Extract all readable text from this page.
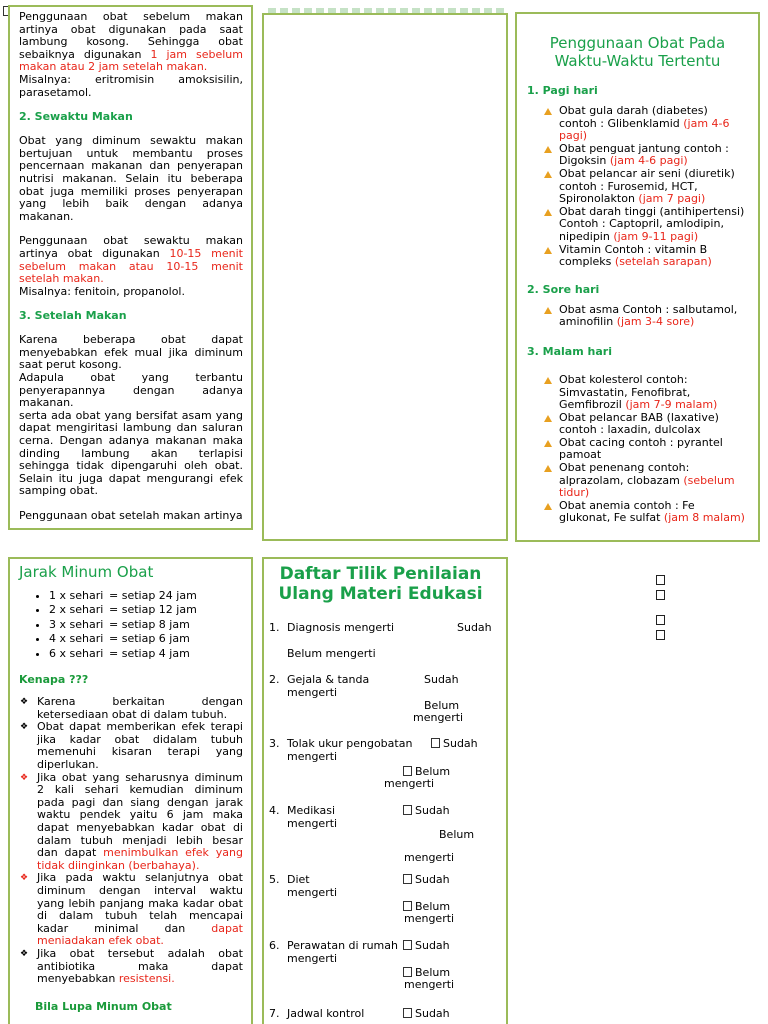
Penggunaan obat sebelum makan artinya obat digunakan pada saat lambung kosong. Sehingga obat sebaiknya digunakan 1 jam sebelum makan atau 2 jam setelah makan.
Misalnya: eritromisin amoksisilin, parasetamol.

2. Sewaktu Makan

Obat yang diminum sewaktu makan bertujuan untuk membantu proses pencernaan makanan dan penyerapan nutrisi makanan. Selain itu beberapa obat juga memiliki proses penyerapan yang lebih baik dengan adanya makanan.

Penggunaan obat sewaktu makan artinya obat digunakan 10-15 menit sebelum makan atau 10-15 menit setelah makan.
Misalnya: fenitoin, propanolol.

3. Setelah Makan

Karena beberapa obat dapat menyebabkan efek mual jika diminum saat perut kosong.

Adapula obat yang terbantu penyerapannya dengan adanya makanan.

serta ada obat yang bersifat asam yang dapat mengiritasi lambung dan saluran cerna. Dengan adanya makanan maka dinding lambung akan terlapisi sehingga tidak dipengaruhi oleh obat. Selain itu juga dapat mengurangi efek samping obat.

Penggunaan obat setelah makan artinya

Penggunaan Obat Pada Waktu-Waktu Tertentu
1. Pagi hari
Obat gula darah (diabetes) contoh : Glibenklamid (jam 4-6 pagi)
Obat penguat jantung contoh : Digoksin (jam 4-6 pagi)
Obat pelancar air seni (diuretik) contoh : Furosemid, HCT, Spironolakton (jam 7 pagi)
Obat darah tinggi (antihipertensi) Contoh : Captopril, amlodipin, nipedipin (jam 9-11 pagi)
Vitamin Contoh : vitamin B compleks (setelah sarapan)
2. Sore hari
Obat asma Contoh : salbutamol, aminofilin (jam 3-4 sore)
3. Malam hari
Obat kolesterol contoh: Simvastatin, Fenofibrat, Gemfibrozil (jam 7-9 malam)
Obat pelancar BAB (laxative) contoh : laxadin, dulcolax
Obat cacing contoh : pyrantel pamoat
Obat penenang contoh: alprazolam, clobazam (sebelum tidur)
Obat anemia contoh : Fe glukonat, Fe sulfat (jam 8 malam)
Jarak Minum Obat
• 1 x sehari = setiap 24 jam
• 2 x sehari = setiap 12 jam
• 3 x sehari = setiap 8 jam
• 4 x sehari = setiap 6 jam
• 6 x sehari = setiap 4 jam
Kenapa ???
❖ Karena berkaitan dengan ketersediaan obat di dalam tubuh.
❖ Obat dapat memberikan efek terapi jika kadar obat didalam tubuh memenuhi kisaran terapi yang diperlukan.
❖ Jika obat yang seharusnya diminum 2 kali sehari kemudian diminum pada pagi dan siang dengan jarak waktu pendek yaitu 6 jam maka dapat menyebabkan kadar obat di dalam tubuh menjadi lebih besar dan dapat menimbulkan efek yang tidak diinginkan (berbahaya).
❖ Jika pada waktu selanjutnya obat diminum dengan interval waktu yang lebih panjang maka kadar obat di dalam tubuh telah mencapai kadar minimal dan dapat meniadakan efek obat.
❖ Jika obat tersebut adalah obat antibiotika maka dapat menyebabkan resistensi.
Bila Lupa Minum Obat
Daftar Tilik Penilaian Ulang Materi Edukasi
1. Diagnosis mengerti	Sudah
Belum mengerti
2. Gejala & tanda mengerti
Sudah
Belum
mengerti
3. Tolak ukur pengobatan mengerti
Sudah
Belum
mengerti
4. Medikasi mengerti
Sudah
Belum
mengerti
5. Diet mengerti
Sudah
Belum
mengerti
6. Perawatan di rumah mengerti
Sudah
Belum
mengerti
7. Jadwal kontrol	Sudah
